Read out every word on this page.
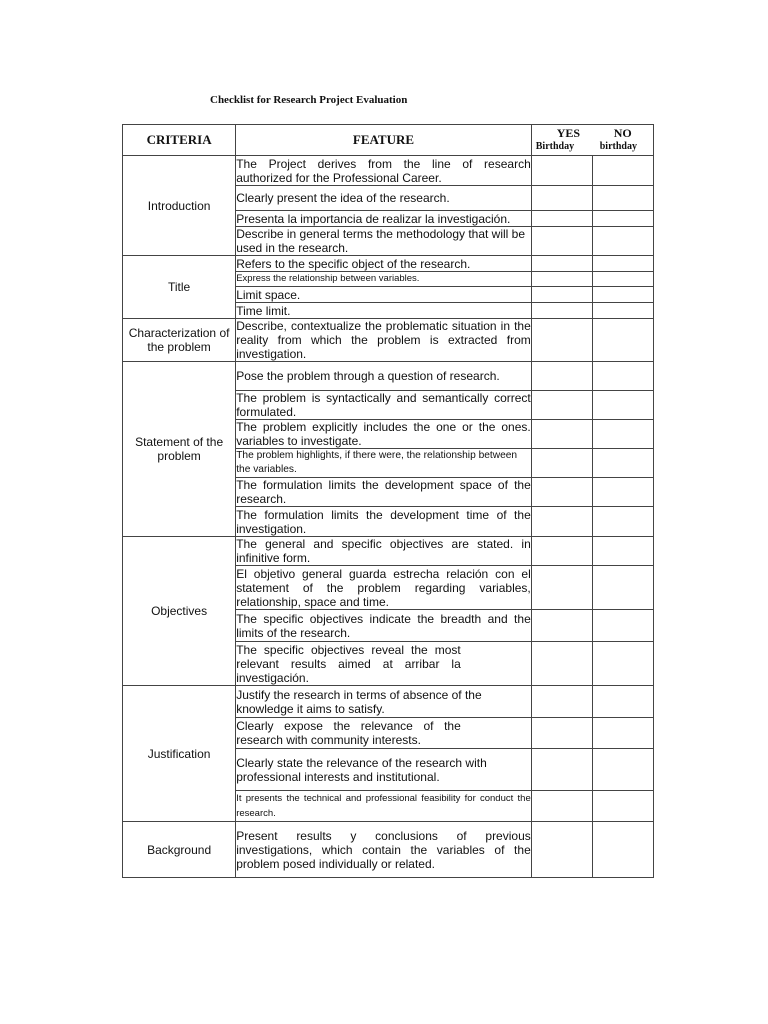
Checklist for Research Project Evaluation
CRITERIA	FEATURE	YES NO
Birthday birthday	

Introduction	The Project derives from the line of research authorized for the Professional Career.		
	Clearly present the idea of the research.		
	Presenta la importancia de realizar la investigación.		
	Describe in general terms the methodology that will be used in the research.		
Title	Refers to the specific object of the research.		
	Express the relationship between variables.		
	Limit space.		
	Time limit.		
Characterization of the problem	Describe, contextualize the problematic situation in the reality from which the problem is extracted from investigation.		
Statement of the problem	Pose the problem through a question of research.		
	The problem is syntactically and semantically correct formulated.		
	The problem explicitly includes the one or the ones. variables to investigate.		
	The problem highlights, if there were, the relationship between the variables.		
	The formulation limits the development space of the research.		
	The formulation limits the development time of the investigation.		
Objectives	The general and specific objectives are stated. in infinitive form.		
	El objetivo general guarda estrecha relación con el statement of the problem regarding variables, relationship, space and time.		
	The specific objectives indicate the breadth and the limits of the research.		
	The specific objectives reveal the most relevant results aimed at arribar la investigación.		
Justification	Justify the research in terms of absence of the knowledge it aims to satisfy.		
	Clearly expose the relevance of the research with community interests.		
	Clearly state the relevance of the research with professional interests and institutional.		
	It presents the technical and professional feasibility for conduct the research.		
Background	Present results y conclusions of previous investigations, which contain the variables of the problem posed individually or related.		
